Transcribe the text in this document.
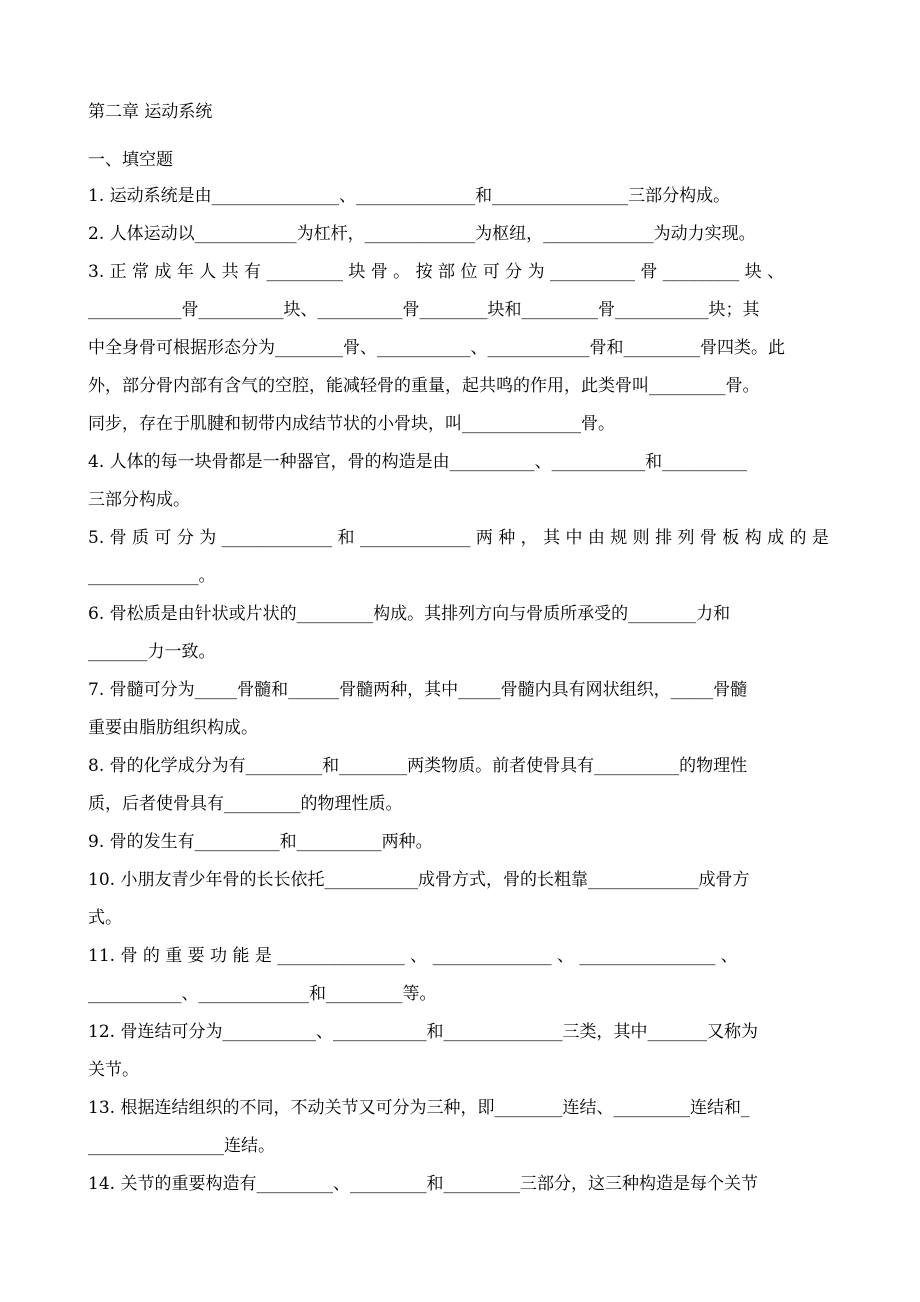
第二章 运动系统
一、填空题
1. 运动系统是由_______________、______________和________________三部分构成。
2. 人体运动以____________为杠杆，_____________为枢纽，_____________为动力实现。
3. 正 常 成 年 人 共 有 _________ 块 骨 。 按 部 位 可 分 为 __________ 骨 _________ 块 、
___________骨__________块、__________骨________块和_________骨___________块；其
中全身骨可根据形态分为________骨、___________、____________骨和_________骨四类。此
外，部分骨内部有含气的空腔，能减轻骨的重量，起共鸣的作用，此类骨叫_________骨。
同步，存在于肌腱和韧带内成结节状的小骨块，叫______________骨。
4. 人体的每一块骨都是一种器官，骨的构造是由__________、___________和__________
三部分构成。
5. 骨 质 可 分 为 _____________ 和 _____________ 两 种 ， 其 中 由 规 则 排 列 骨 板 构 成 的 是
_____________。
6. 骨松质是由针状或片状的_________构成。其排列方向与骨质所承受的________力和
_______力一致。
7. 骨髓可分为_____骨髓和______骨髓两种，其中_____骨髓内具有网状组织，_____骨髓
重要由脂肪组织构成。
8. 骨的化学成分为有_________和________两类物质。前者使骨具有__________的物理性
质，后者使骨具有_________的物理性质。
9. 骨的发生有__________和__________两种。
10. 小朋友青少年骨的长长依托___________成骨方式，骨的长粗靠_____________成骨方
式。
11. 骨 的 重 要 功 能 是 _______________ 、 ______________ 、 ________________ 、
___________、_____________和_________等。
12. 骨连结可分为___________、___________和______________三类，其中_______又称为
关节。
13. 根据连结组织的不同，不动关节又可分为三种，即________连结、_________连结和_
________________连结。
14. 关节的重要构造有_________、_________和_________三部分，这三种构造是每个关节
